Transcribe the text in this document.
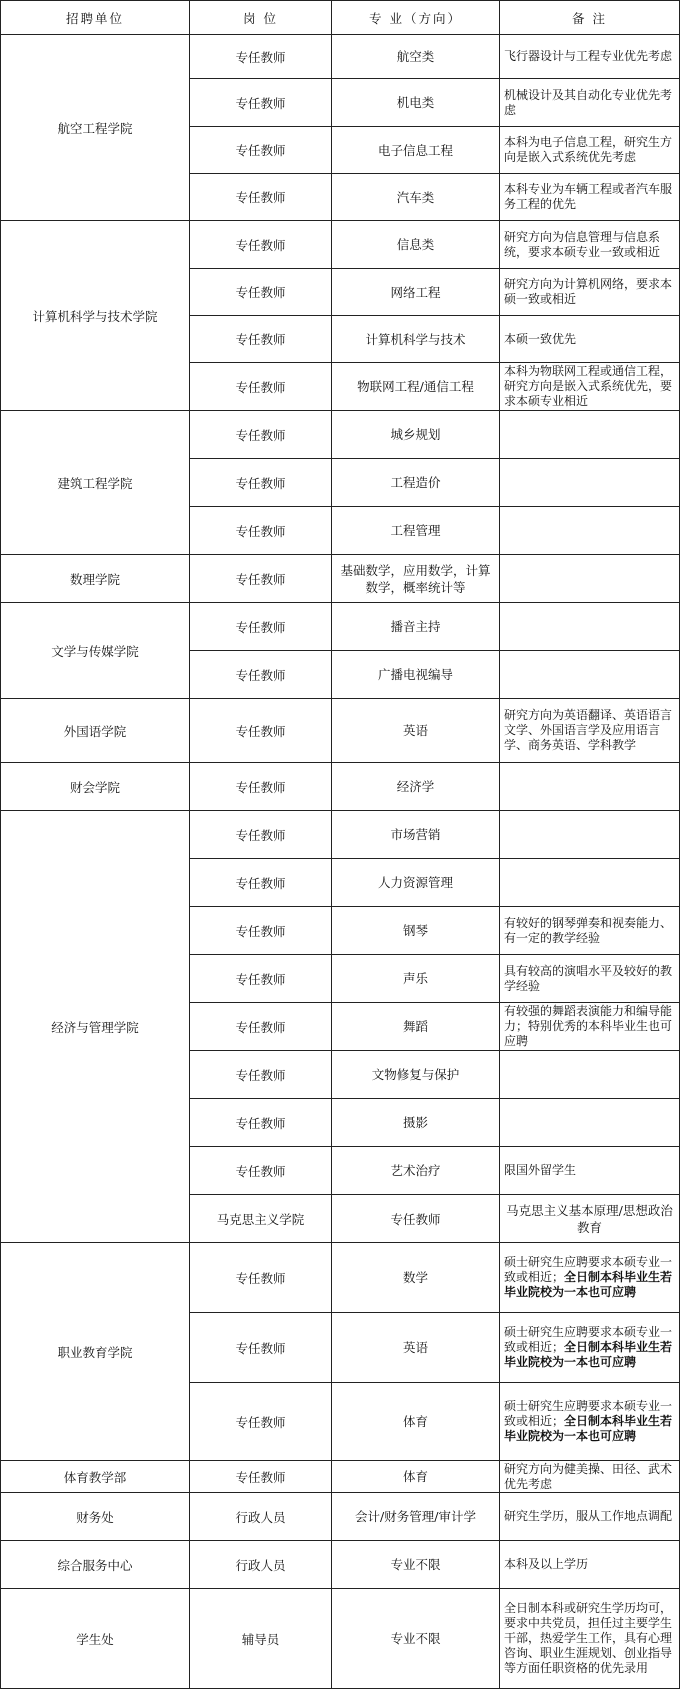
招聘单位	岗 位	专 业（方向）	备 注	
航空工程学院	专任教师	航空类	飞行器设计与工程专业优先考虑	
	专任教师	机电类	机械设计及其自动化专业优先考虑	
	专任教师	电子信息工程	本科为电子信息工程，研究生方向是嵌入式系统优先考虑	
	专任教师	汽车类	本科专业为车辆工程或者汽车服务工程的优先	
计算机科学与技术学院	专任教师	信息类	研究方向为信息管理与信息系统，要求本硕专业一致或相近	
	专任教师	网络工程	研究方向为计算机网络，要求本硕一致或相近	
	专任教师	计算机科学与技术	本硕一致优先	
	专任教师	物联网工程/通信工程	本科为物联网工程或通信工程，研究方向是嵌入式系统优先，要求本硕专业相近	
建筑工程学院	专任教师	城乡规划		
	专任教师	工程造价		
	专任教师	工程管理		
数理学院	专任教师	基础数学，应用数学，计算数学，概率统计等		
文学与传媒学院	专任教师	播音主持		
	专任教师	广播电视编导		
外国语学院	专任教师	英语	研究方向为英语翻译、英语语言文学、外国语言学及应用语言学、商务英语、学科教学	
财会学院	专任教师	经济学		
经济与管理学院	专任教师	市场营销		
	专任教师	人力资源管理		
	专任教师	钢琴	有较好的钢琴弹奏和视奏能力、有一定的教学经验	
	专任教师	声乐	具有较高的演唱水平及较好的教学经验	
	专任教师	舞蹈	有较强的舞蹈表演能力和编导能力；特别优秀的本科毕业生也可应聘	
	专任教师	文物修复与保护		
	专任教师	摄影		
	专任教师	艺术治疗	限国外留学生	
	马克思主义学院	专任教师	马克思主义基本原理/思想政治教育	
职业教育学院	专任教师	数学	硕士研究生应聘要求本硕专业一致或相近；全日制本科毕业生若毕业院校为一本也可应聘	
	专任教师	英语	硕士研究生应聘要求本硕专业一致或相近；全日制本科毕业生若毕业院校为一本也可应聘	
	专任教师	体育	硕士研究生应聘要求本硕专业一致或相近；全日制本科毕业生若毕业院校为一本也可应聘	
体育教学部	专任教师	体育	研究方向为健美操、田径、武术优先考虑	
财务处	行政人员	会计/财务管理/审计学	研究生学历，服从工作地点调配	
综合服务中心	行政人员	专业不限	本科及以上学历	
学生处	辅导员	专业不限	全日制本科或研究生学历均可，要求中共党员，担任过主要学生干部，热爱学生工作，具有心理咨询、职业生涯规划、创业指导等方面任职资格的优先录用	
